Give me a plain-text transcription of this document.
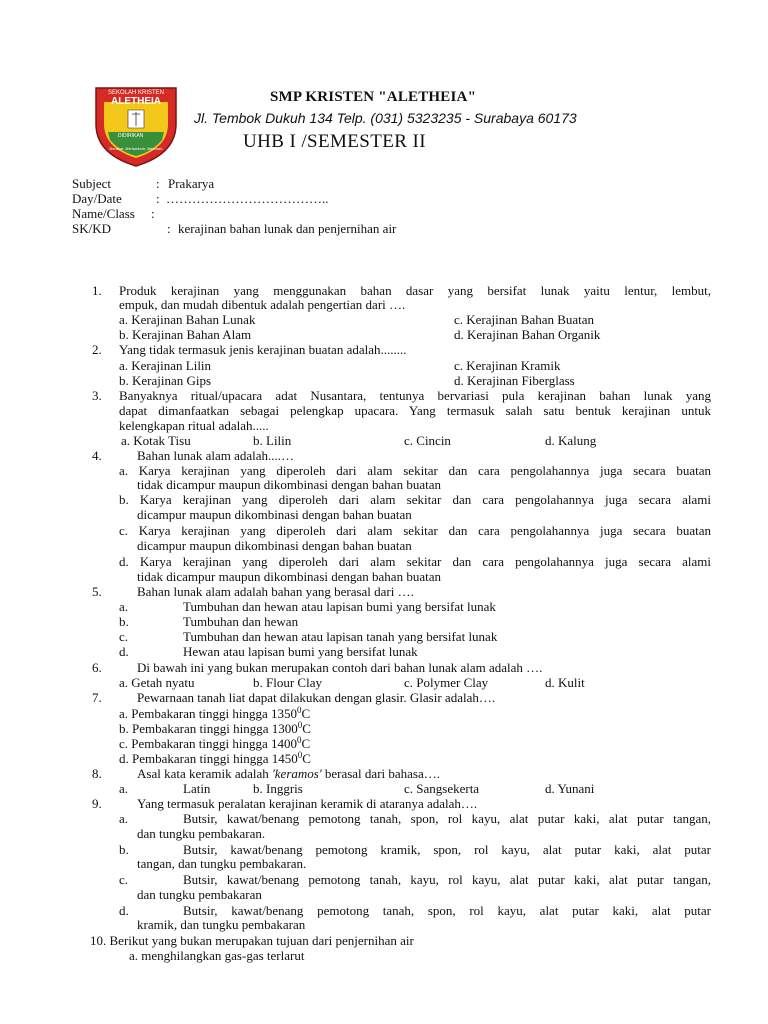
SEKOLAH KRISTEN
ALETHEIA
DIDIRIKAN
Berakar, Bertumbuh, Berbuah
SMP KRISTEN "ALETHEIA"
Jl. Tembok Dukuh 134 Telp. (031) 5323235 - Surabaya 60173
UHB I /SEMESTER II
Subject	: Prakarya
Day/Date	: ………………………………..
Name/Class :
SK/KD	: kerajinan bahan lunak dan penjernihan air
1. Produk kerajinan yang menggunakan bahan dasar yang bersifat lunak yaitu lentur, lembut,
empuk, dan mudah dibentuk adalah pengertian dari ….
a. Kerajinan Bahan Lunak	c. Kerajinan Bahan Buatan
b. Kerajinan Bahan Alam	d. Kerajinan Bahan Organik
2. Yang tidak termasuk jenis kerajinan buatan adalah........
a. Kerajinan Lilin	c. Kerajinan Kramik
b. Kerajinan Gips	d. Kerajinan Fiberglass
3. Banyaknya ritual/upacara adat Nusantara, tentunya bervariasi pula kerajinan bahan lunak yang
dapat dimanfaatkan sebagai pelengkap upacara. Yang termasuk salah satu bentuk kerajinan untuk
kelengkapan ritual adalah.....
a. Kotak Tisu	b. Lilin	c. Cincin	d. Kalung
4.	Bahan lunak alam adalah....…
a. Karya kerajinan yang diperoleh dari alam sekitar dan cara pengolahannya juga secara buatan
tidak dicampur maupun dikombinasi dengan bahan buatan
b. Karya kerajinan yang diperoleh dari alam sekitar dan cara pengolahannya juga secara alami
dicampur maupun dikombinasi dengan bahan buatan
c. Karya kerajinan yang diperoleh dari alam sekitar dan cara pengolahannya juga secara buatan
dicampur maupun dikombinasi dengan bahan buatan
d. Karya kerajinan yang diperoleh dari alam sekitar dan cara pengolahannya juga secara alami
tidak dicampur maupun dikombinasi dengan bahan buatan
5.	Bahan lunak alam adalah bahan yang berasal dari ….
a.	Tumbuhan dan hewan atau lapisan bumi yang bersifat lunak
b.	Tumbuhan dan hewan
c.	Tumbuhan dan hewan atau lapisan tanah yang bersifat lunak
d.	Hewan atau lapisan bumi yang bersifat lunak
6.	Di bawah ini yang bukan merupakan contoh dari bahan lunak alam adalah ….
a. Getah nyatu	b. Flour Clay	c. Polymer Clay	d. Kulit
7.	Pewarnaan tanah liat dapat dilakukan dengan glasir. Glasir adalah….
a. Pembakaran tinggi hingga 1350$^0$C
b. Pembakaran tinggi hingga 1300$^0$C
c. Pembakaran tinggi hingga 1400$^0$C
d. Pembakaran tinggi hingga 1450$^0$C
8.	Asal kata keramik adalah 'keramos' berasal dari bahasa….
a.	Latin	b. Inggris	c. Sangsekerta	d. Yunani
9.	Yang termasuk peralatan kerajinan keramik di ataranya adalah….
a.	Butsir, kawat/benang pemotong tanah, spon, rol kayu, alat putar kaki, alat putar tangan,
dan tungku pembakaran.
b.	Butsir, kawat/benang pemotong kramik, spon, rol kayu, alat putar kaki, alat putar
tangan, dan tungku pembakaran.
c.	Butsir, kawat/benang pemotong tanah, kayu, rol kayu, alat putar kaki, alat putar tangan,
dan tungku pembakaran
d.	Butsir, kawat/benang pemotong tanah, spon, rol kayu, alat putar kaki, alat putar
kramik, dan tungku pembakaran
10. Berikut yang bukan merupakan tujuan dari penjernihan air
a. menghilangkan gas-gas terlarut
